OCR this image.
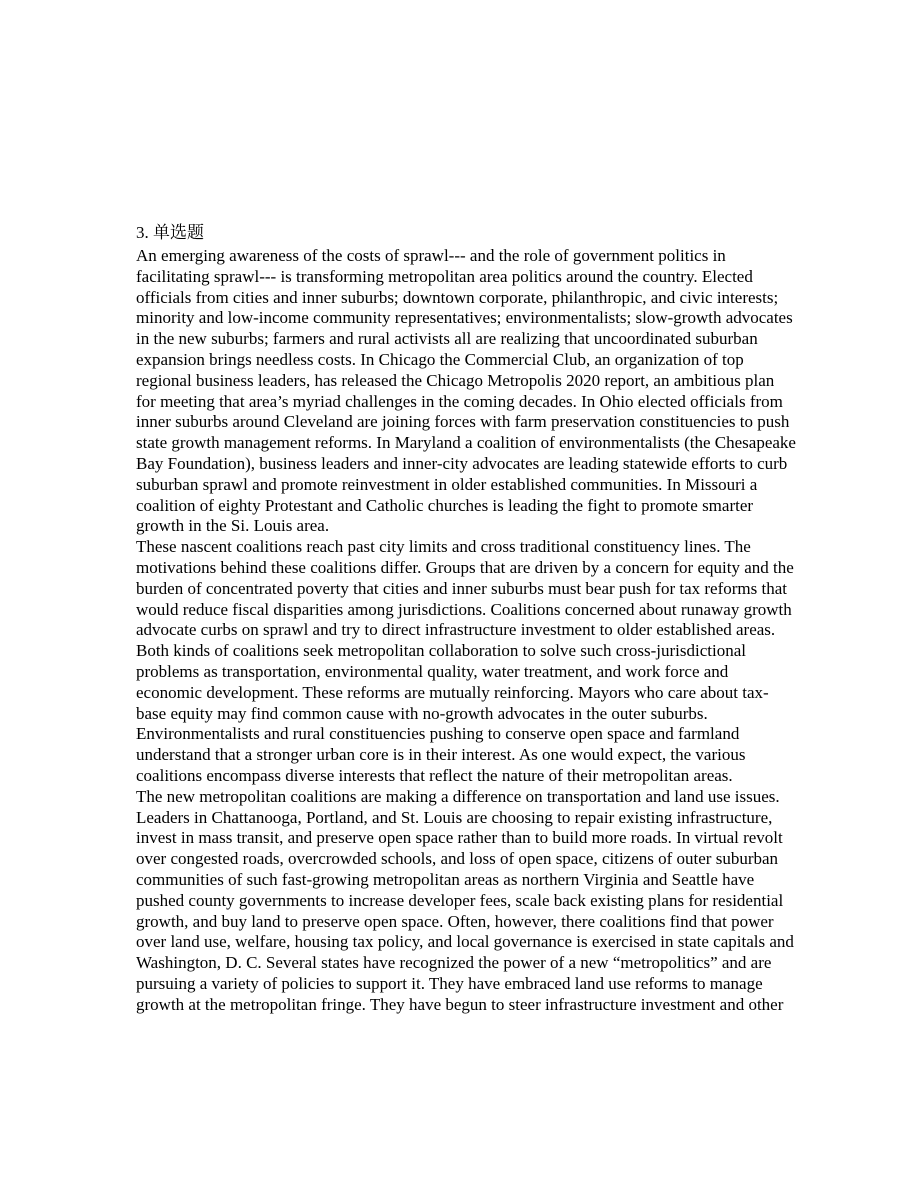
3. 单选题

An emerging awareness of the costs of sprawl--- and the role of government politics in facilitating sprawl--- is transforming metropolitan area politics around the country. Elected officials from cities and inner suburbs; downtown corporate, philanthropic, and civic interests; minority and low-income community representatives; environmentalists; slow-growth advocates in the new suburbs; farmers and rural activists all are realizing that uncoordinated suburban expansion brings needless costs. In Chicago the Commercial Club, an organization of top regional business leaders, has released the Chicago Metropolis 2020 report, an ambitious plan for meeting that area’s myriad challenges in the coming decades. In Ohio elected officials from inner suburbs around Cleveland are joining forces with farm preservation constituencies to push state growth management reforms. In Maryland a coalition of environmentalists (the Chesapeake Bay Foundation), business leaders and inner-city advocates are leading statewide efforts to curb suburban sprawl and promote reinvestment in older established communities. In Missouri a coalition of eighty Protestant and Catholic churches is leading the fight to promote smarter growth in the Si. Louis area.

These nascent coalitions reach past city limits and cross traditional constituency lines. The motivations behind these coalitions differ. Groups that are driven by a concern for equity and the burden of concentrated poverty that cities and inner suburbs must bear push for tax reforms that would reduce fiscal disparities among jurisdictions. Coalitions concerned about runaway growth advocate curbs on sprawl and try to direct infrastructure investment to older established areas. Both kinds of coalitions seek metropolitan collaboration to solve such cross-jurisdictional problems as transportation, environmental quality, water treatment, and work force and economic development. These reforms are mutually reinforcing. Mayors who care about tax-base equity may find common cause with no-growth advocates in the outer suburbs. Environmentalists and rural constituencies pushing to conserve open space and farmland understand that a stronger urban core is in their interest. As one would expect, the various coalitions encompass diverse interests that reflect the nature of their metropolitan areas.

The new metropolitan coalitions are making a difference on transportation and land use issues. Leaders in Chattanooga, Portland, and St. Louis are choosing to repair existing infrastructure, invest in mass transit, and preserve open space rather than to build more roads. In virtual revolt over congested roads, overcrowded schools, and loss of open space, citizens of outer suburban communities of such fast-growing metropolitan areas as northern Virginia and Seattle have pushed county governments to increase developer fees, scale back existing plans for residential growth, and buy land to preserve open space. Often, however, there coalitions find that power over land use, welfare, housing tax policy, and local governance is exercised in state capitals and Washington, D. C. Several states have recognized the power of a new “metropolitics” and are pursuing a variety of policies to support it. They have embraced land use reforms to manage growth at the metropolitan fringe. They have begun to steer infrastructure investment and other
